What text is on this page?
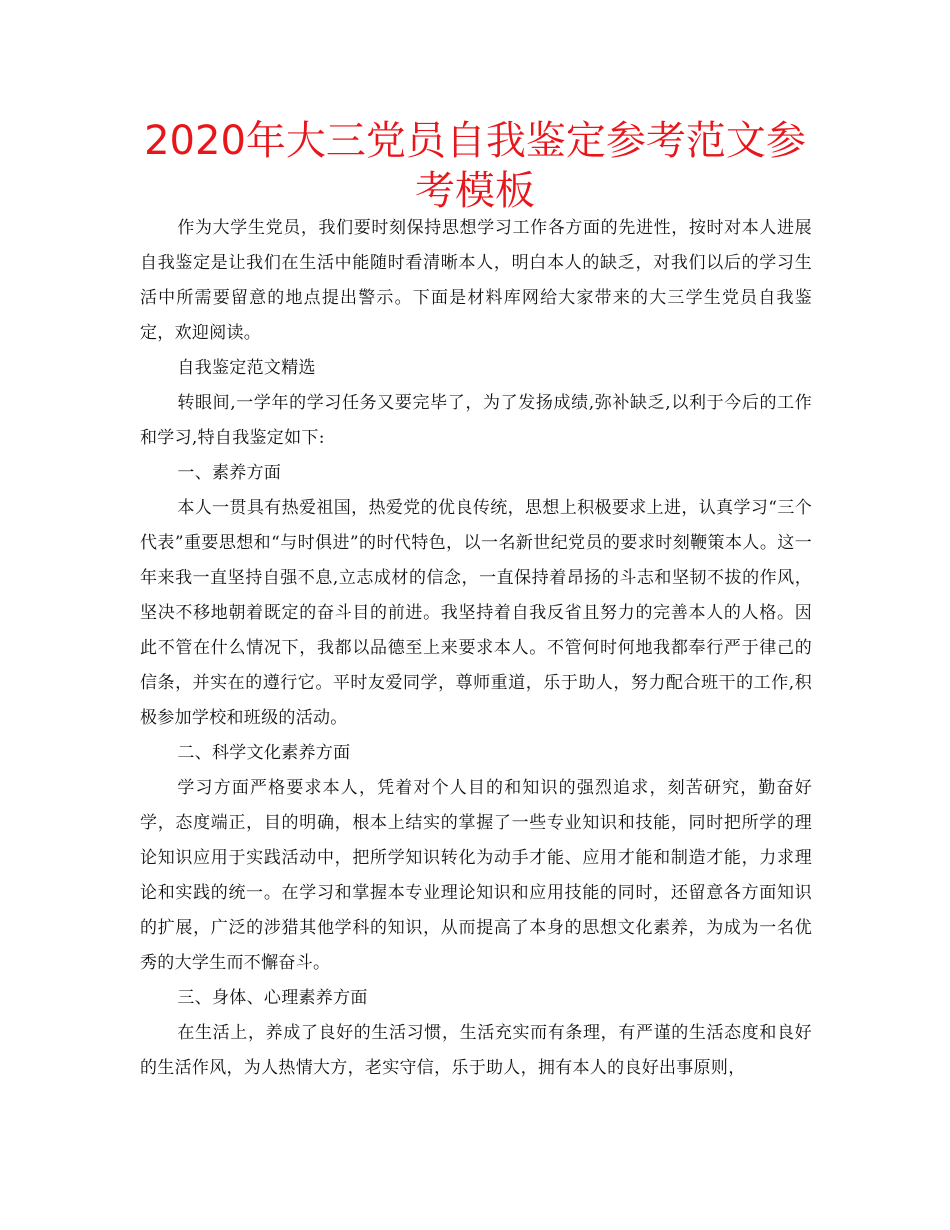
2020年大三党员自我鉴定参考范文参考模板

作为大学生党员，我们要时刻保持思想学习工作各方面的先进性，按时对本人进展自我鉴定是让我们在生活中能随时看清晰本人，明白本人的缺乏，对我们以后的学习生活中所需要留意的地点提出警示。下面是材料库网给大家带来的大三学生党员自我鉴定，欢迎阅读。

自我鉴定范文精选

转眼间,一学年的学习任务又要完毕了，为了发扬成绩,弥补缺乏,以利于今后的工作和学习,特自我鉴定如下:

一、素养方面

本人一贯具有热爱祖国，热爱党的优良传统，思想上积极要求上进，认真学习“三个代表”重要思想和“与时俱进”的时代特色，以一名新世纪党员的要求时刻鞭策本人。这一年来我一直坚持自强不息,立志成材的信念，一直保持着昂扬的斗志和坚韧不拔的作风，坚决不移地朝着既定的奋斗目的前进。我坚持着自我反省且努力的完善本人的人格。因此不管在什么情况下，我都以品德至上来要求本人。不管何时何地我都奉行严于律己的信条，并实在的遵行它。平时友爱同学，尊师重道，乐于助人，努力配合班干的工作,积极参加学校和班级的活动。

二、科学文化素养方面

学习方面严格要求本人，凭着对个人目的和知识的强烈追求，刻苦研究，勤奋好学，态度端正，目的明确，根本上结实的掌握了一些专业知识和技能，同时把所学的理论知识应用于实践活动中，把所学知识转化为动手才能、应用才能和制造才能，力求理论和实践的统一。在学习和掌握本专业理论知识和应用技能的同时，还留意各方面知识的扩展，广泛的涉猎其他学科的知识，从而提高了本身的思想文化素养，为成为一名优秀的大学生而不懈奋斗。

三、身体、心理素养方面

在生活上，养成了良好的生活习惯，生活充实而有条理，有严谨的生活态度和良好的生活作风，为人热情大方，老实守信，乐于助人，拥有本人的良好出事原则，
